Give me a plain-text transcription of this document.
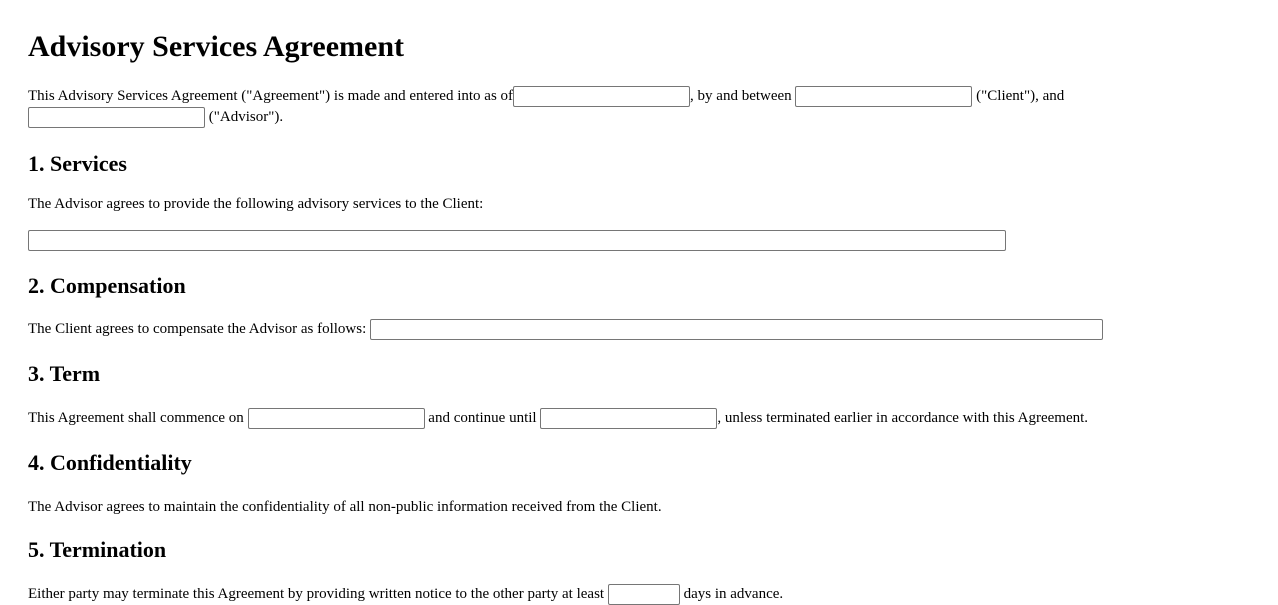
Advisory Services Agreement

This Advisory Services Agreement ("Agreement") is made and entered into as of	, by and between	("Client"), and
("Advisor").

1. Services

The Advisor agrees to provide the following advisory services to the Client:

2. Compensation

The Client agrees to compensate the Advisor as follows:

3. Term

This Agreement shall commence on	and continue until	, unless terminated earlier in accordance with this Agreement.

4. Confidentiality

The Advisor agrees to maintain the confidentiality of all non-public information received from the Client.

5. Termination

Either party may terminate this Agreement by providing written notice to the other party at least	days in advance.
